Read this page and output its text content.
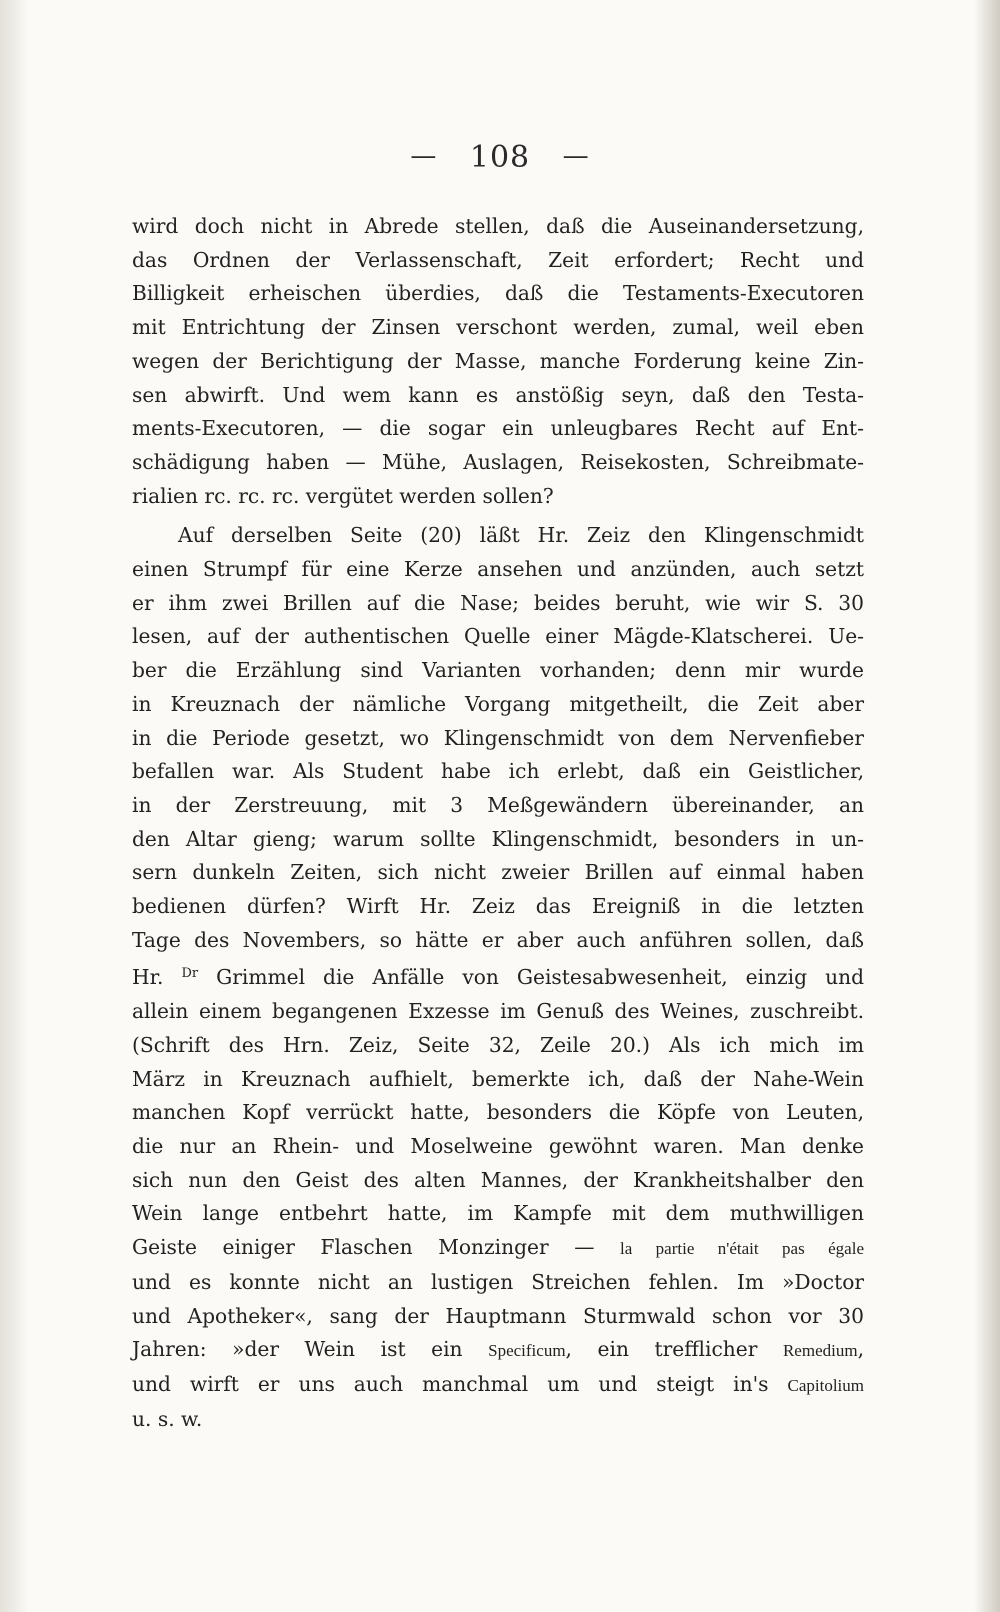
— 108 —
wird doch nicht in Abrede stellen, daß die Auseinandersetzung,
das Ordnen der Verlassenschaft, Zeit erfordert; Recht und
Billigkeit erheischen überdies, daß die Testaments-Executoren
mit Entrichtung der Zinsen verschont werden, zumal, weil eben
wegen der Berichtigung der Masse, manche Forderung keine Zin-
sen abwirft. Und wem kann es anstößig seyn, daß den Testa-
ments-Executoren, — die sogar ein unleugbares Recht auf Ent-
schädigung haben — Mühe, Auslagen, Reisekosten, Schreibmate-
rialien rc. rc. rc. vergütet werden sollen?
Auf derselben Seite (20) läßt Hr. Zeiz den Klingenschmidt
einen Strumpf für eine Kerze ansehen und anzünden, auch setzt
er ihm zwei Brillen auf die Nase; beides beruht, wie wir S. 30
lesen, auf der authentischen Quelle einer Mägde-Klatscherei. Ue-
ber die Erzählung sind Varianten vorhanden; denn mir wurde
in Kreuznach der nämliche Vorgang mitgetheilt, die Zeit aber
in die Periode gesetzt, wo Klingenschmidt von dem Nervenfieber
befallen war. Als Student habe ich erlebt, daß ein Geistlicher,
in der Zerstreuung, mit 3 Meßgewändern übereinander, an
den Altar gieng; warum sollte Klingenschmidt, besonders in un-
sern dunkeln Zeiten, sich nicht zweier Brillen auf einmal haben
bedienen dürfen? Wirft Hr. Zeiz das Ereigniß in die letzten
Tage des Novembers, so hätte er aber auch anführen sollen, daß
Hr. $^{Dr}$ Grimmel die Anfälle von Geistesabwesenheit, einzig und
allein einem begangenen Exzesse im Genuß des Weines, zuschreibt.
(Schrift des Hrn. Zeiz, Seite 32, Zeile 20.) Als ich mich im
März in Kreuznach aufhielt, bemerkte ich, daß der Nahe-Wein
manchen Kopf verrückt hatte, besonders die Köpfe von Leuten,
die nur an Rhein- und Moselweine gewöhnt waren. Man denke
sich nun den Geist des alten Mannes, der Krankheitshalber den
Wein lange entbehrt hatte, im Kampfe mit dem muthwilligen
Geiste einiger Flaschen Monzinger — la partie n'était pas égale
und es konnte nicht an lustigen Streichen fehlen. Im »Doctor
und Apotheker«, sang der Hauptmann Sturmwald schon vor 30
Jahren: »der Wein ist ein Specificum, ein trefflicher Remedium,
und wirft er uns auch manchmal um und steigt in's Capitolium
u. s. w.
